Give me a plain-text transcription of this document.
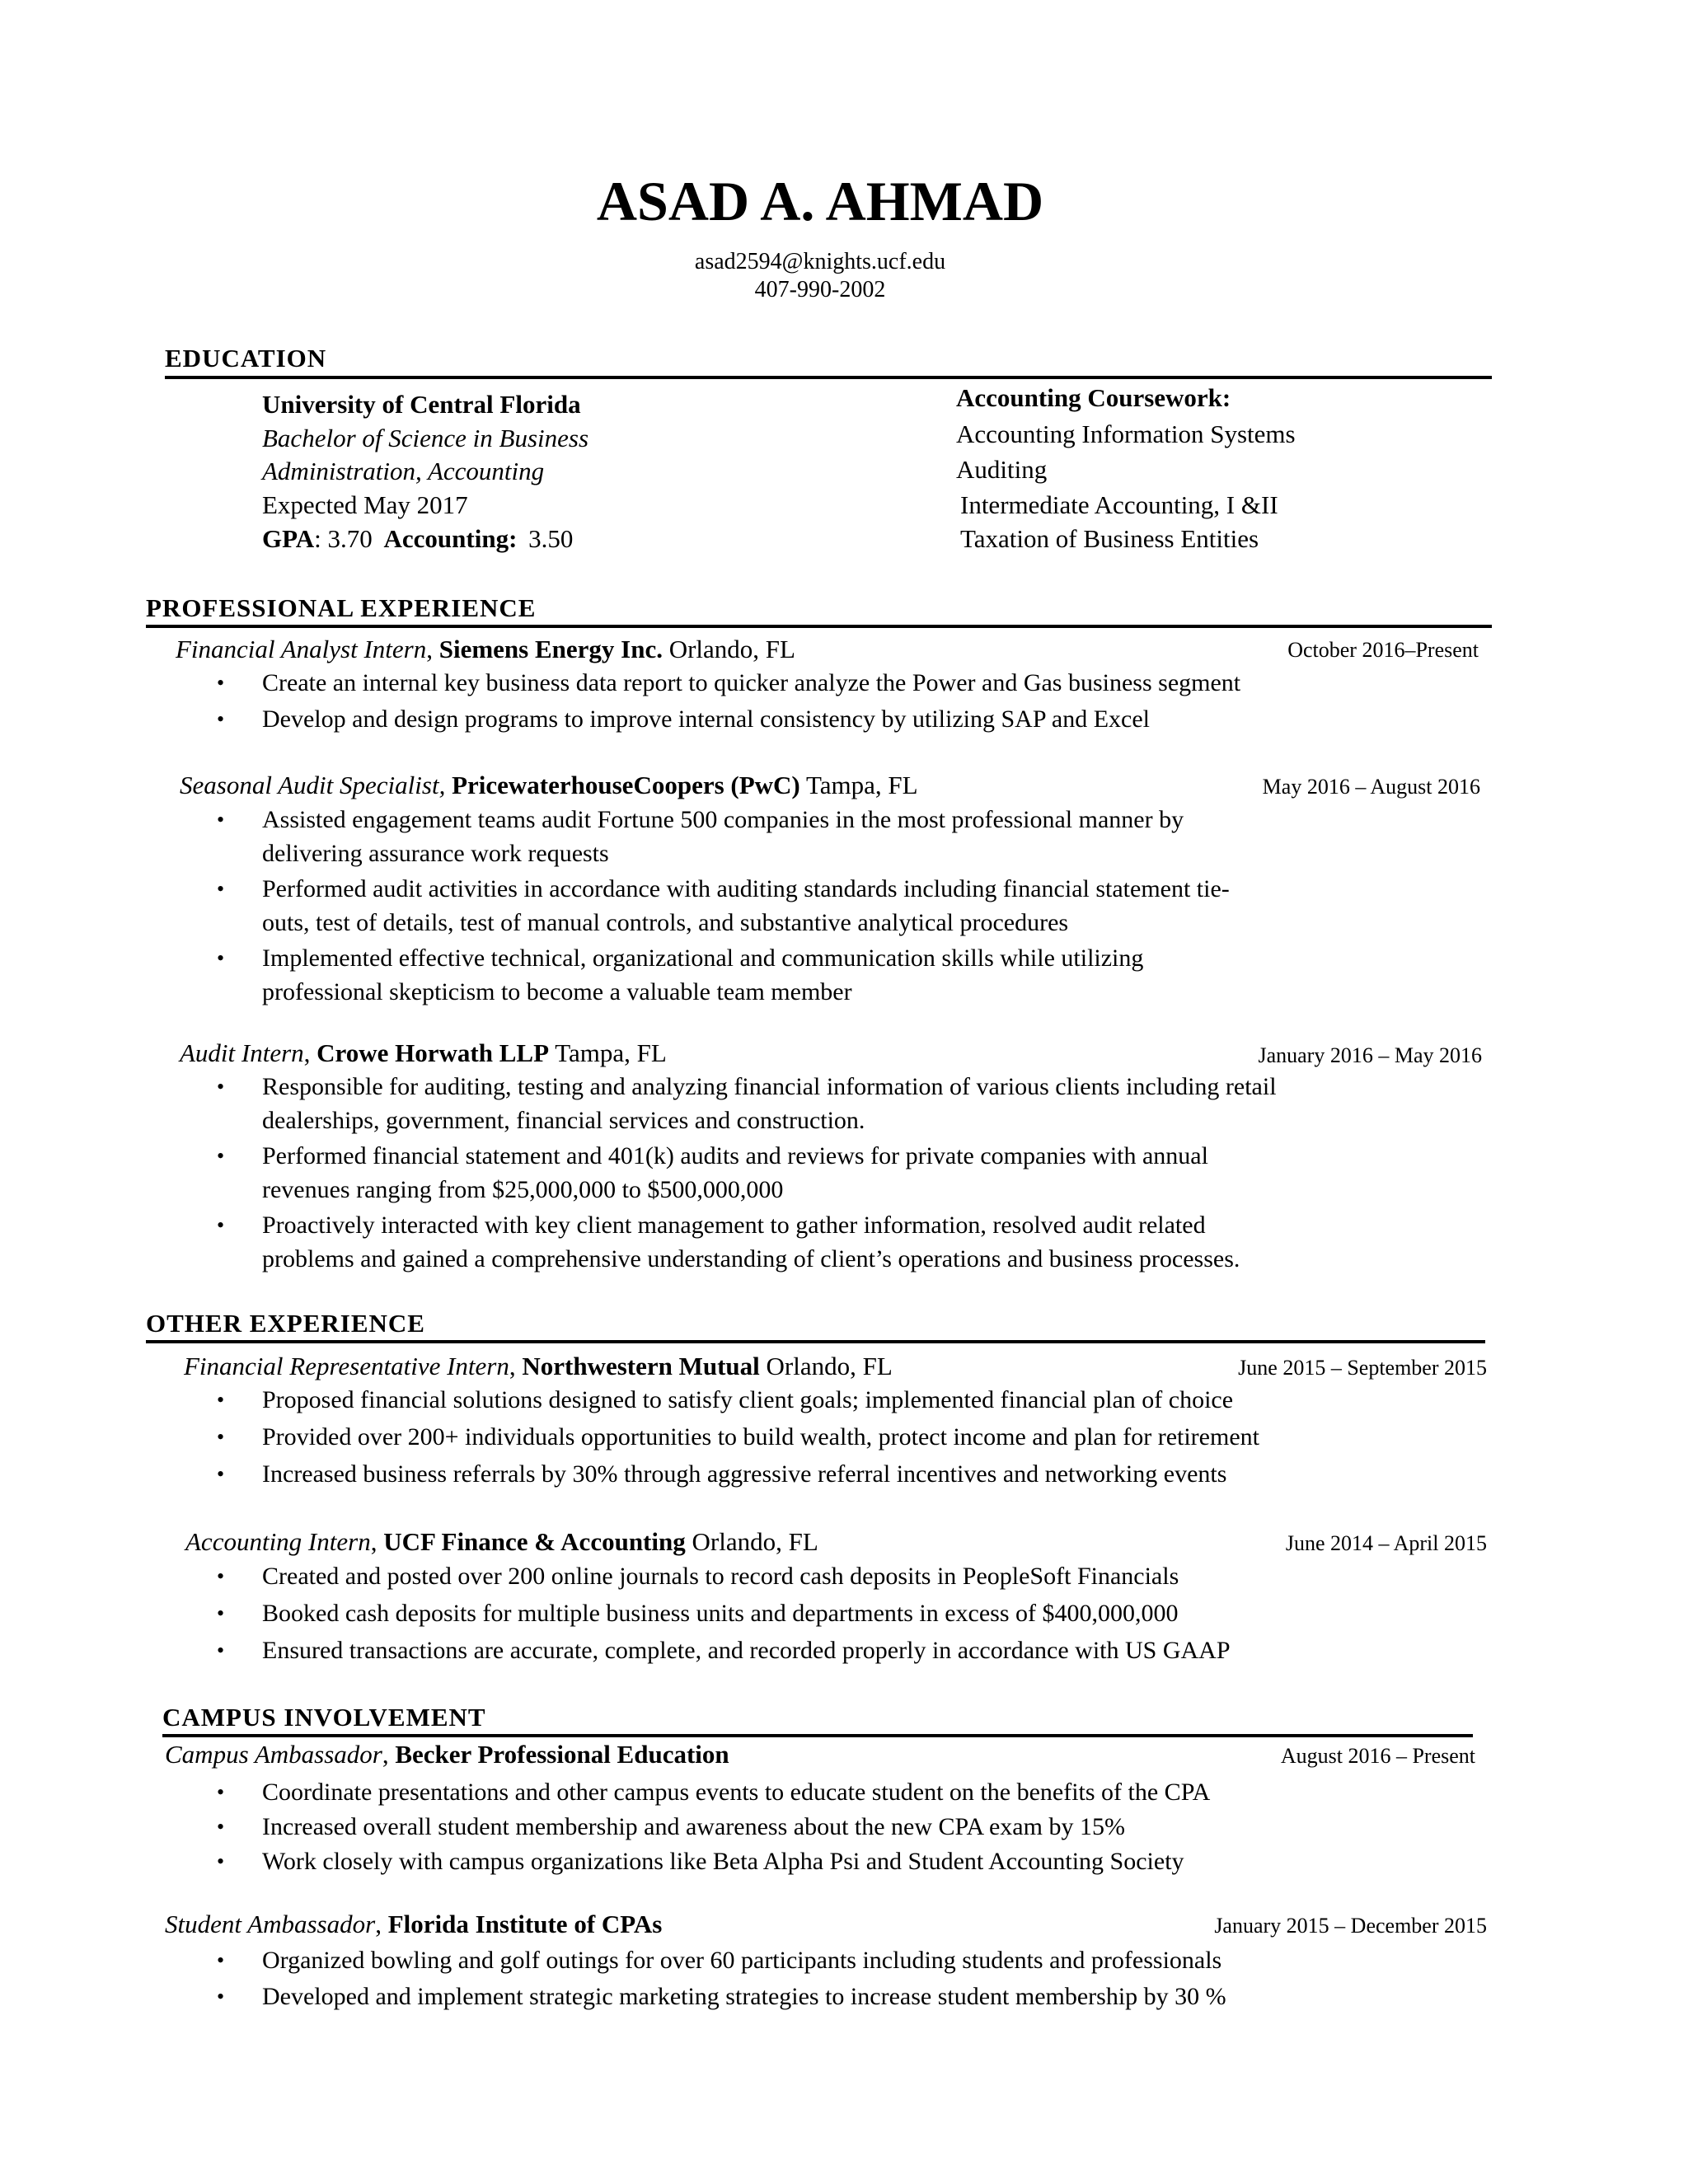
ASAD A. AHMAD
asad2594@knights.ucf.edu
407-990-2002
EDUCATION
University of Central Florida
Bachelor of Science in Business
Administration, Accounting
Expected May 2017
GPA: 3.70 Accounting: 3.50
Accounting Coursework:
Accounting Information Systems
Auditing
Intermediate Accounting, I &II
Taxation of Business Entities
PROFESSIONAL EXPERIENCE
Financial Analyst Intern, Siemens Energy Inc. Orlando, FL	October 2016–Present
• Create an internal key business data report to quicker analyze the Power and Gas business segment
• Develop and design programs to improve internal consistency by utilizing SAP and Excel
Seasonal Audit Specialist, PricewaterhouseCoopers (PwC) Tampa, FL	May 2016 – August 2016
• Assisted engagement teams audit Fortune 500 companies in the most professional manner by
delivering assurance work requests
• Performed audit activities in accordance with auditing standards including financial statement tie-
outs, test of details, test of manual controls, and substantive analytical procedures
• Implemented effective technical, organizational and communication skills while utilizing
professional skepticism to become a valuable team member
Audit Intern, Crowe Horwath LLP Tampa, FL	January 2016 – May 2016
• Responsible for auditing, testing and analyzing financial information of various clients including retail
dealerships, government, financial services and construction.
• Performed financial statement and 401(k) audits and reviews for private companies with annual
revenues ranging from $25,000,000 to $500,000,000
• Proactively interacted with key client management to gather information, resolved audit related
problems and gained a comprehensive understanding of client’s operations and business processes.
OTHER EXPERIENCE
Financial Representative Intern, Northwestern Mutual Orlando, FL	June 2015 – September 2015
• Proposed financial solutions designed to satisfy client goals; implemented financial plan of choice
• Provided over 200+ individuals opportunities to build wealth, protect income and plan for retirement
• Increased business referrals by 30% through aggressive referral incentives and networking events
Accounting Intern, UCF Finance & Accounting Orlando, FL	June 2014 – April 2015
• Created and posted over 200 online journals to record cash deposits in PeopleSoft Financials
• Booked cash deposits for multiple business units and departments in excess of $400,000,000
• Ensured transactions are accurate, complete, and recorded properly in accordance with US GAAP
CAMPUS INVOLVEMENT
Campus Ambassador, Becker Professional Education	August 2016 – Present
• Coordinate presentations and other campus events to educate student on the benefits of the CPA
• Increased overall student membership and awareness about the new CPA exam by 15%
• Work closely with campus organizations like Beta Alpha Psi and Student Accounting Society
Student Ambassador, Florida Institute of CPAs	January 2015 – December 2015
• Organized bowling and golf outings for over 60 participants including students and professionals
• Developed and implement strategic marketing strategies to increase student membership by 30 %
